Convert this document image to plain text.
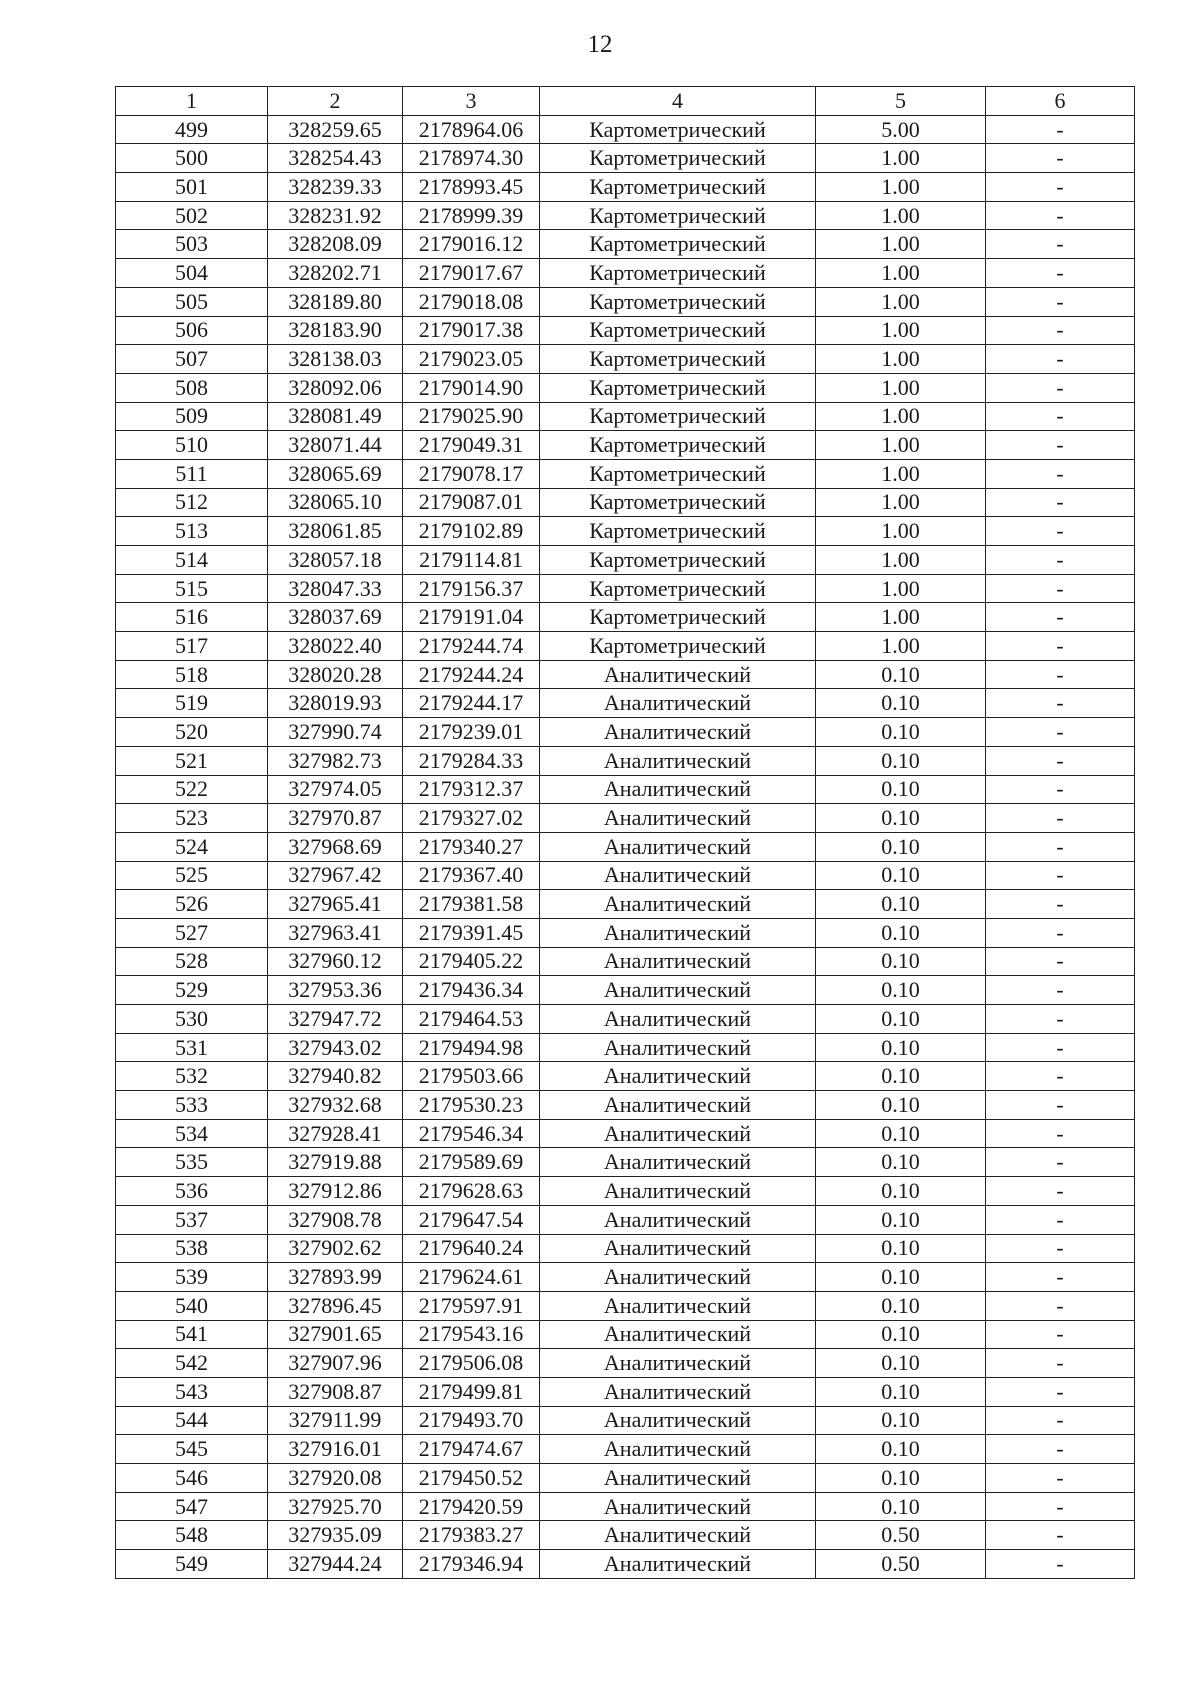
12
1	2	3	4	5	6
499	328259.65	2178964.06	Картометрический	5.00	-
500	328254.43	2178974.30	Картометрический	1.00	-
501	328239.33	2178993.45	Картометрический	1.00	-
502	328231.92	2178999.39	Картометрический	1.00	-
503	328208.09	2179016.12	Картометрический	1.00	-
504	328202.71	2179017.67	Картометрический	1.00	-
505	328189.80	2179018.08	Картометрический	1.00	-
506	328183.90	2179017.38	Картометрический	1.00	-
507	328138.03	2179023.05	Картометрический	1.00	-
508	328092.06	2179014.90	Картометрический	1.00	-
509	328081.49	2179025.90	Картометрический	1.00	-
510	328071.44	2179049.31	Картометрический	1.00	-
511	328065.69	2179078.17	Картометрический	1.00	-
512	328065.10	2179087.01	Картометрический	1.00	-
513	328061.85	2179102.89	Картометрический	1.00	-
514	328057.18	2179114.81	Картометрический	1.00	-
515	328047.33	2179156.37	Картометрический	1.00	-
516	328037.69	2179191.04	Картометрический	1.00	-
517	328022.40	2179244.74	Картометрический	1.00	-
518	328020.28	2179244.24	Аналитический	0.10	-
519	328019.93	2179244.17	Аналитический	0.10	-
520	327990.74	2179239.01	Аналитический	0.10	-
521	327982.73	2179284.33	Аналитический	0.10	-
522	327974.05	2179312.37	Аналитический	0.10	-
523	327970.87	2179327.02	Аналитический	0.10	-
524	327968.69	2179340.27	Аналитический	0.10	-
525	327967.42	2179367.40	Аналитический	0.10	-
526	327965.41	2179381.58	Аналитический	0.10	-
527	327963.41	2179391.45	Аналитический	0.10	-
528	327960.12	2179405.22	Аналитический	0.10	-
529	327953.36	2179436.34	Аналитический	0.10	-
530	327947.72	2179464.53	Аналитический	0.10	-
531	327943.02	2179494.98	Аналитический	0.10	-
532	327940.82	2179503.66	Аналитический	0.10	-
533	327932.68	2179530.23	Аналитический	0.10	-
534	327928.41	2179546.34	Аналитический	0.10	-
535	327919.88	2179589.69	Аналитический	0.10	-
536	327912.86	2179628.63	Аналитический	0.10	-
537	327908.78	2179647.54	Аналитический	0.10	-
538	327902.62	2179640.24	Аналитический	0.10	-
539	327893.99	2179624.61	Аналитический	0.10	-
540	327896.45	2179597.91	Аналитический	0.10	-
541	327901.65	2179543.16	Аналитический	0.10	-
542	327907.96	2179506.08	Аналитический	0.10	-
543	327908.87	2179499.81	Аналитический	0.10	-
544	327911.99	2179493.70	Аналитический	0.10	-
545	327916.01	2179474.67	Аналитический	0.10	-
546	327920.08	2179450.52	Аналитический	0.10	-
547	327925.70	2179420.59	Аналитический	0.10	-
548	327935.09	2179383.27	Аналитический	0.50	-
549	327944.24	2179346.94	Аналитический	0.50	-
